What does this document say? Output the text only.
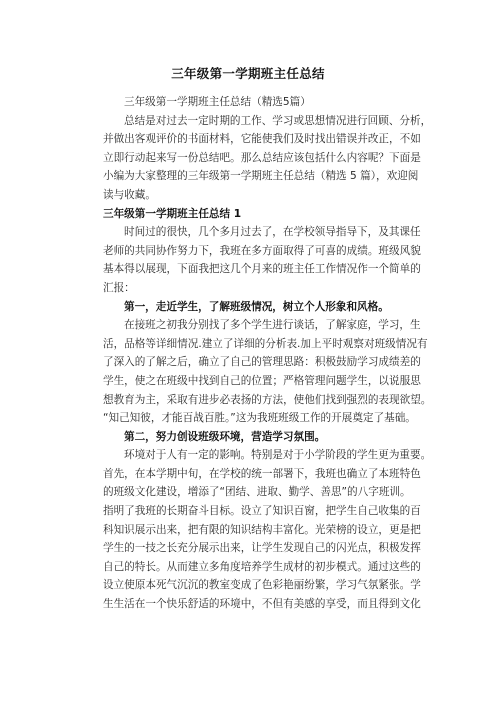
三年级第一学期班主任总结
三年级第一学期班主任总结（精选5篇）
总结是对过去一定时期的工作、学习或思想情况进行回顾、分析，
并做出客观评价的书面材料，它能使我们及时找出错误并改正，不如
立即行动起来写一份总结吧。那么总结应该包括什么内容呢？下面是
小编为大家整理的三年级第一学期班主任总结（精选 5 篇），欢迎阅
读与收藏。
三年级第一学期班主任总结 1
时间过的很快，几个多月过去了，在学校领导指导下，及其课任
老师的共同协作努力下，我班在多方面取得了可喜的成绩。班级风貌
基本得以展现，下面我把这几个月来的班主任工作情况作一个简单的
汇报：
第一，走近学生，了解班级情况，树立个人形象和风格。
在接班之初我分别找了多个学生进行谈话，了解家庭，学习，生
活，品格等详细情况.建立了详细的分析表.加上平时观察对班级情况有
了深入的了解之后，确立了自己的管理思路：积极鼓励学习成绩差的
学生，使之在班级中找到自己的位置；严格管理问题学生，以说服思
想教育为主，采取有进步必表扬的方法，使他们找到强烈的表现欲望。
“知己知彼，才能百战百胜。”这为我班班级工作的开展奠定了基础。
第二，努力创设班级环境，营造学习氛围。
环境对于人有一定的影响。特别是对于小学阶段的学生更为重要。
首先，在本学期中旬，在学校的统一部署下，我班也确立了本班特色
的班级文化建设，增添了“团结、进取、勤学、善思”的八字班训。
指明了我班的长期奋斗目标。设立了知识百窗，把学生自己收集的百
科知识展示出来，把有限的知识结构丰富化。光荣榜的设立，更是把
学生的一技之长充分展示出来，让学生发现自己的闪光点，积极发挥
自己的特长。从而建立多角度培养学生成材的初步模式。通过这些的
设立使原本死气沉沉的教室变成了色彩艳丽纷繁，学习气氛紧张。学
生生活在一个快乐舒适的环境中，不但有美感的享受，而且得到文化
